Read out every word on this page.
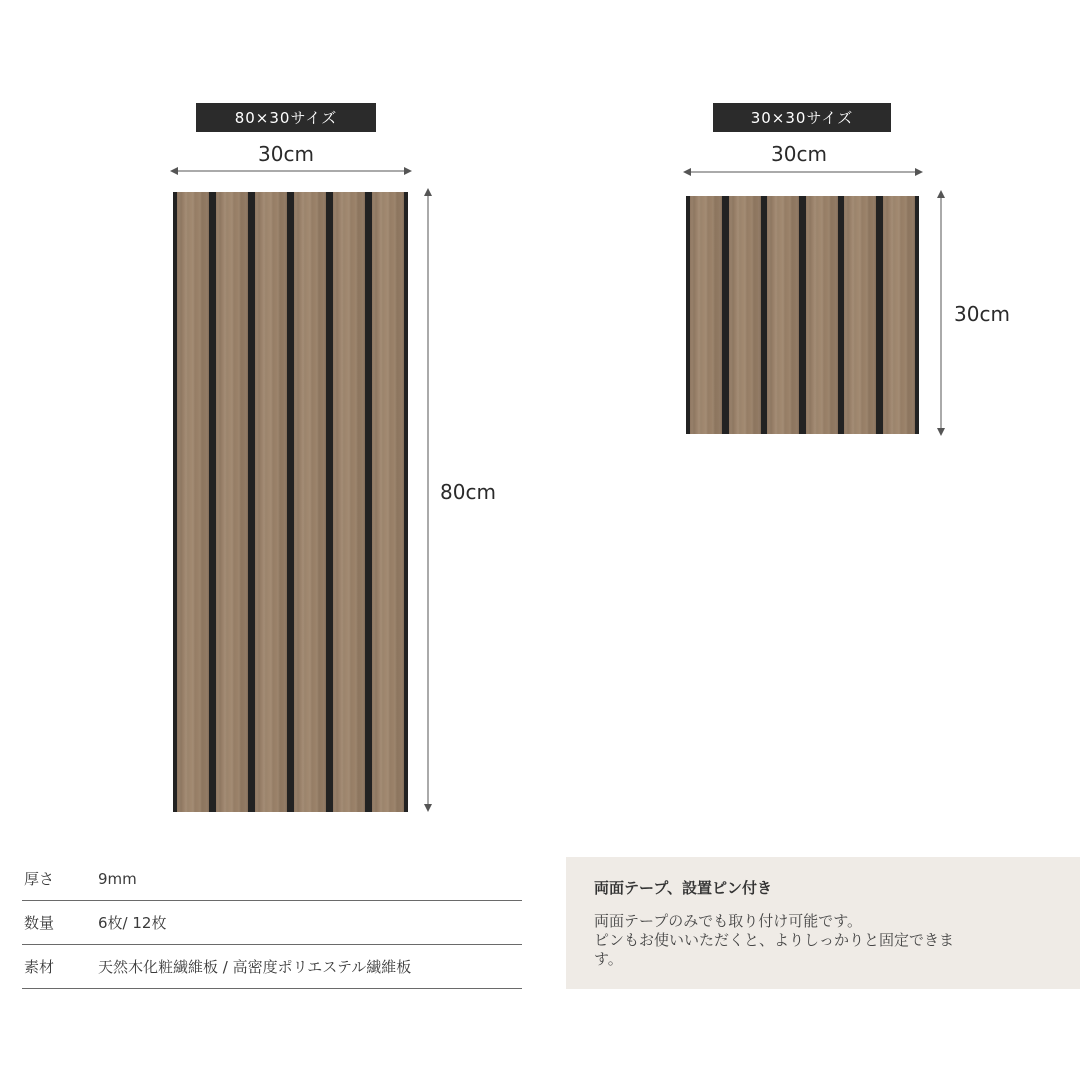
80×30サイズ
30cm
80cm
30×30サイズ
30cm
30cm
厚さ	9mm
数量	6枚/ 12枚
素材	天然木化粧繊維板 / 高密度ポリエステル繊維板
両面テープ、設置ピン付き
両面テープのみでも取り付け可能です。
ピンもお使いいただくと、よりしっかりと固定できま
す。
